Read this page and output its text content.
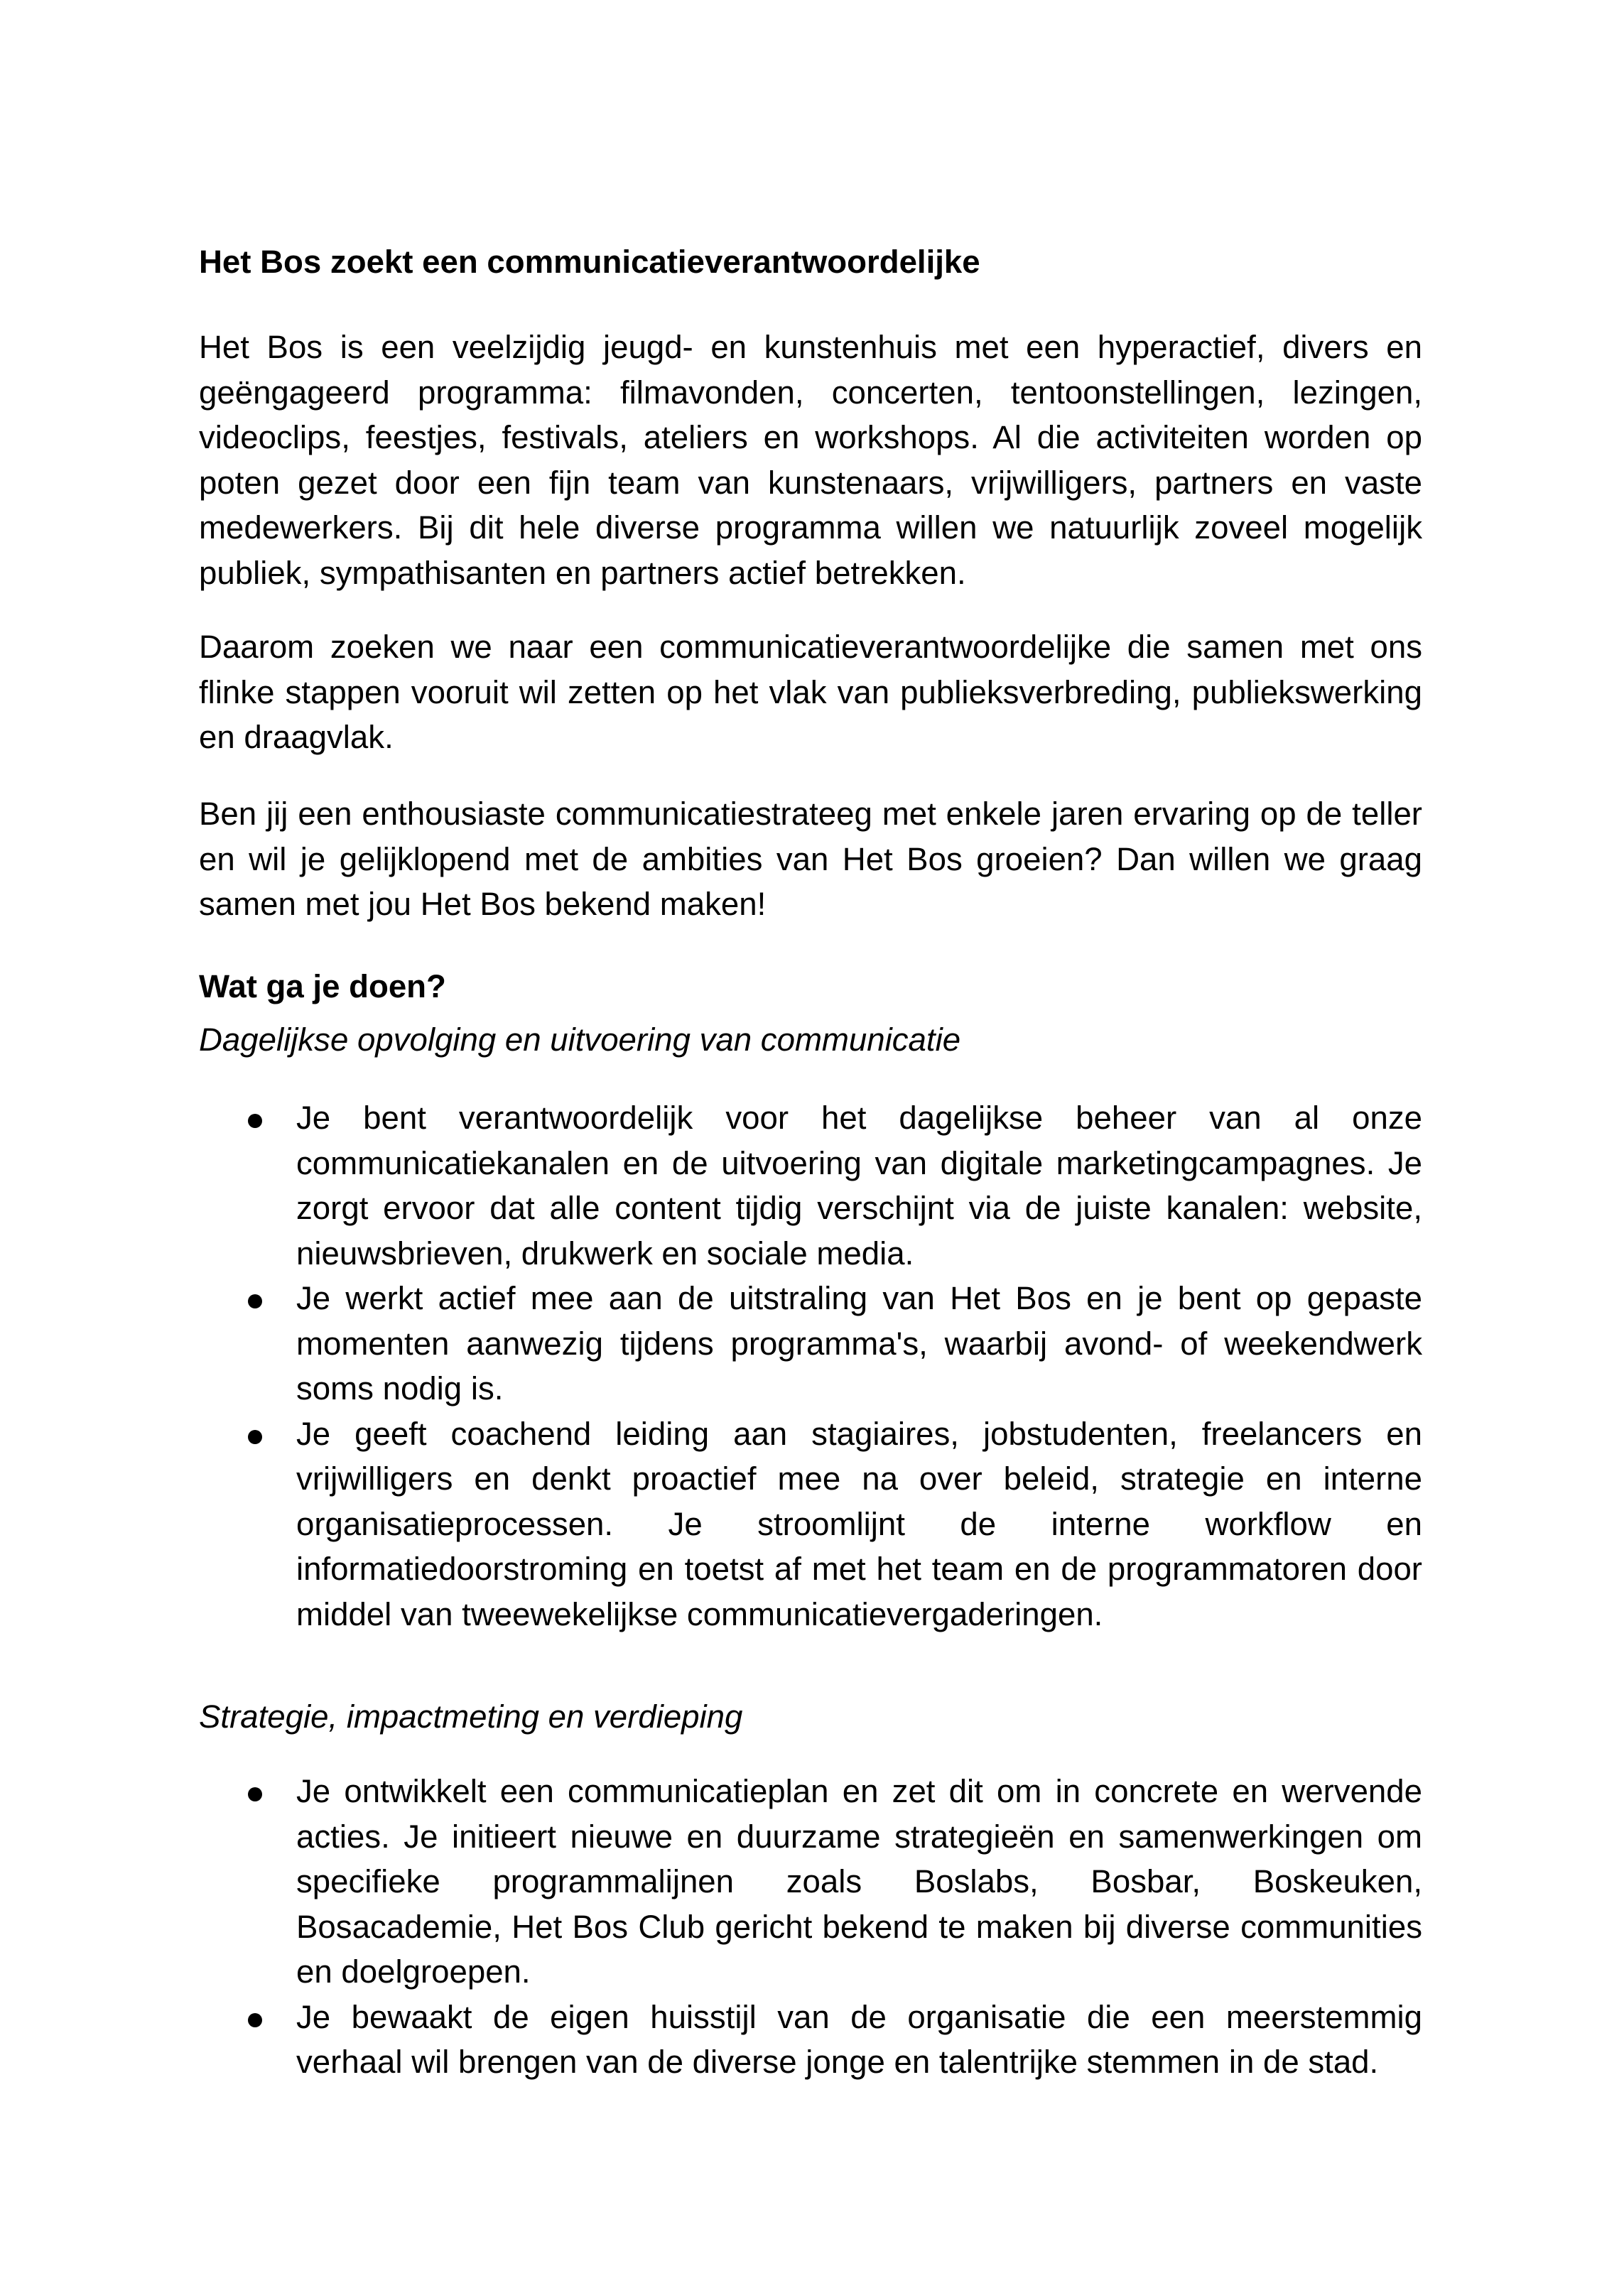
Het Bos zoekt een communicatieverantwoordelijke
Het Bos is een veelzijdig jeugd- en kunstenhuis met een hyperactief, divers en
geëngageerd programma: filmavonden, concerten, tentoonstellingen, lezingen,
videoclips, feestjes, festivals, ateliers en workshops. Al die activiteiten worden op
poten gezet door een fijn team van kunstenaars, vrijwilligers, partners en vaste
medewerkers. Bij dit hele diverse programma willen we natuurlijk zoveel mogelijk
publiek, sympathisanten en partners actief betrekken.
Daarom zoeken we naar een communicatieverantwoordelijke die samen met ons
flinke stappen vooruit wil zetten op het vlak van publieksverbreding, publiekswerking
en draagvlak.
Ben jij een enthousiaste communicatiestrateeg met enkele jaren ervaring op de teller
en wil je gelijklopend met de ambities van Het Bos groeien? Dan willen we graag
samen met jou Het Bos bekend maken!
Wat ga je doen?
Dagelijkse opvolging en uitvoering van communicatie
Je bent verantwoordelijk voor het dagelijkse beheer van al onze
communicatiekanalen en de uitvoering van digitale marketingcampagnes. Je
zorgt ervoor dat alle content tijdig verschijnt via de juiste kanalen: website,
nieuwsbrieven, drukwerk en sociale media.
Je werkt actief mee aan de uitstraling van Het Bos en je bent op gepaste
momenten aanwezig tijdens programma's, waarbij avond- of weekendwerk
soms nodig is.
Je geeft coachend leiding aan stagiaires, jobstudenten, freelancers en
vrijwilligers en denkt proactief mee na over beleid, strategie en interne
organisatieprocessen. Je stroomlijnt de interne workflow en
informatiedoorstroming en toetst af met het team en de programmatoren door
middel van tweewekelijkse communicatievergaderingen.
Strategie, impactmeting en verdieping
Je ontwikkelt een communicatieplan en zet dit om in concrete en wervende
acties. Je initieert nieuwe en duurzame strategieën en samenwerkingen om
specifieke programmalijnen zoals Boslabs, Bosbar, Boskeuken,
Bosacademie, Het Bos Club gericht bekend te maken bij diverse communities
en doelgroepen.
Je bewaakt de eigen huisstijl van de organisatie die een meerstemmig
verhaal wil brengen van de diverse jonge en talentrijke stemmen in de stad.
